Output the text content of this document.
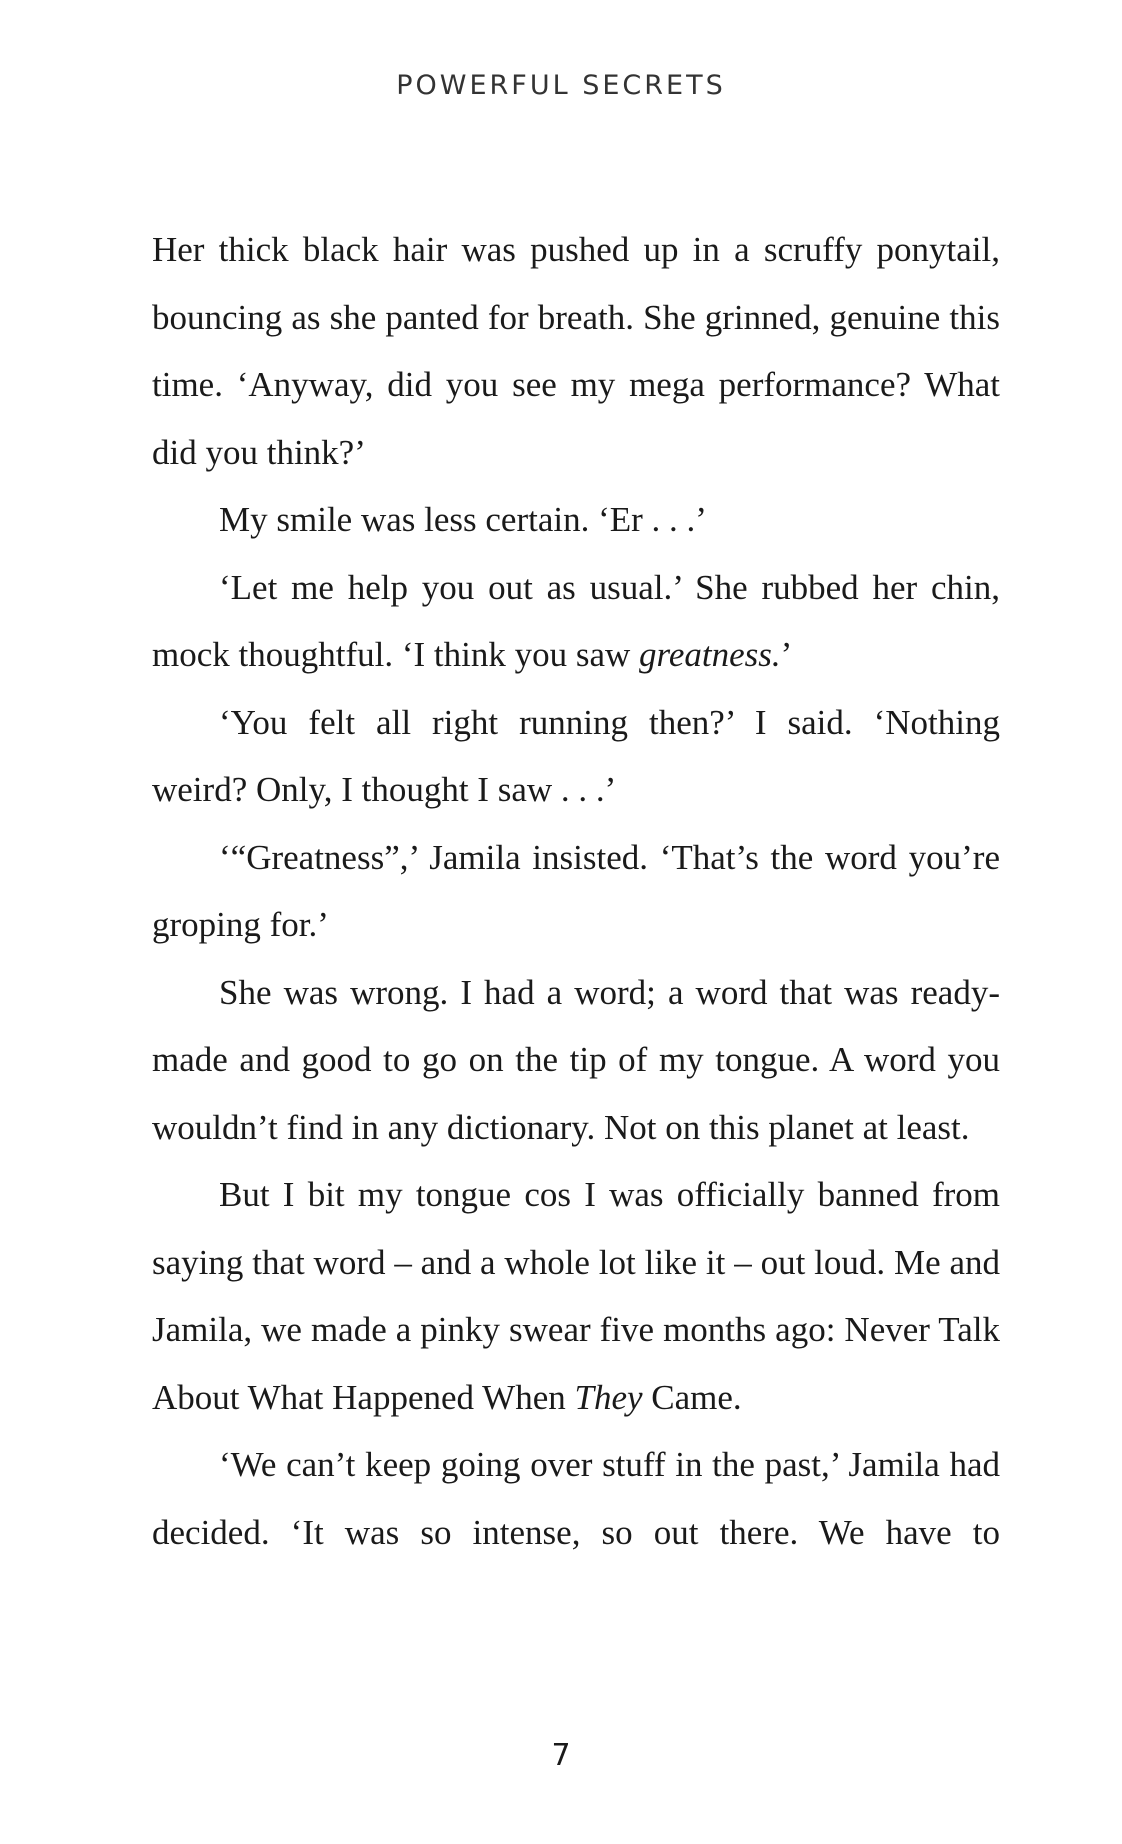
POWERFUL SECRETS

Her thick black hair was pushed up in a scruffy ponytail, bouncing as she panted for breath. She grinned, genuine this time. ‘Anyway, did you see my mega performance? What did you think?’

My smile was less certain. ‘Er . . .’

‘Let me help you out as usual.’ She rubbed her chin, mock thoughtful. ‘I think you saw greatness.’

‘You felt all right running then?’ I said. ‘Nothing weird? Only, I thought I saw . . .’

‘“Greatness”,’ Jamila insisted. ‘That’s the word you’re groping for.’

She was wrong. I had a word; a word that was ready-made and good to go on the tip of my tongue. A word you wouldn’t find in any dictionary. Not on this planet at least.

But I bit my tongue cos I was officially banned from saying that word – and a whole lot like it – out loud. Me and Jamila, we made a pinky swear five months ago: Never Talk About What Happened When They Came.

‘We can’t keep going over stuff in the past,’ Jamila had decided. ‘It was so intense, so out there. We have to

7
